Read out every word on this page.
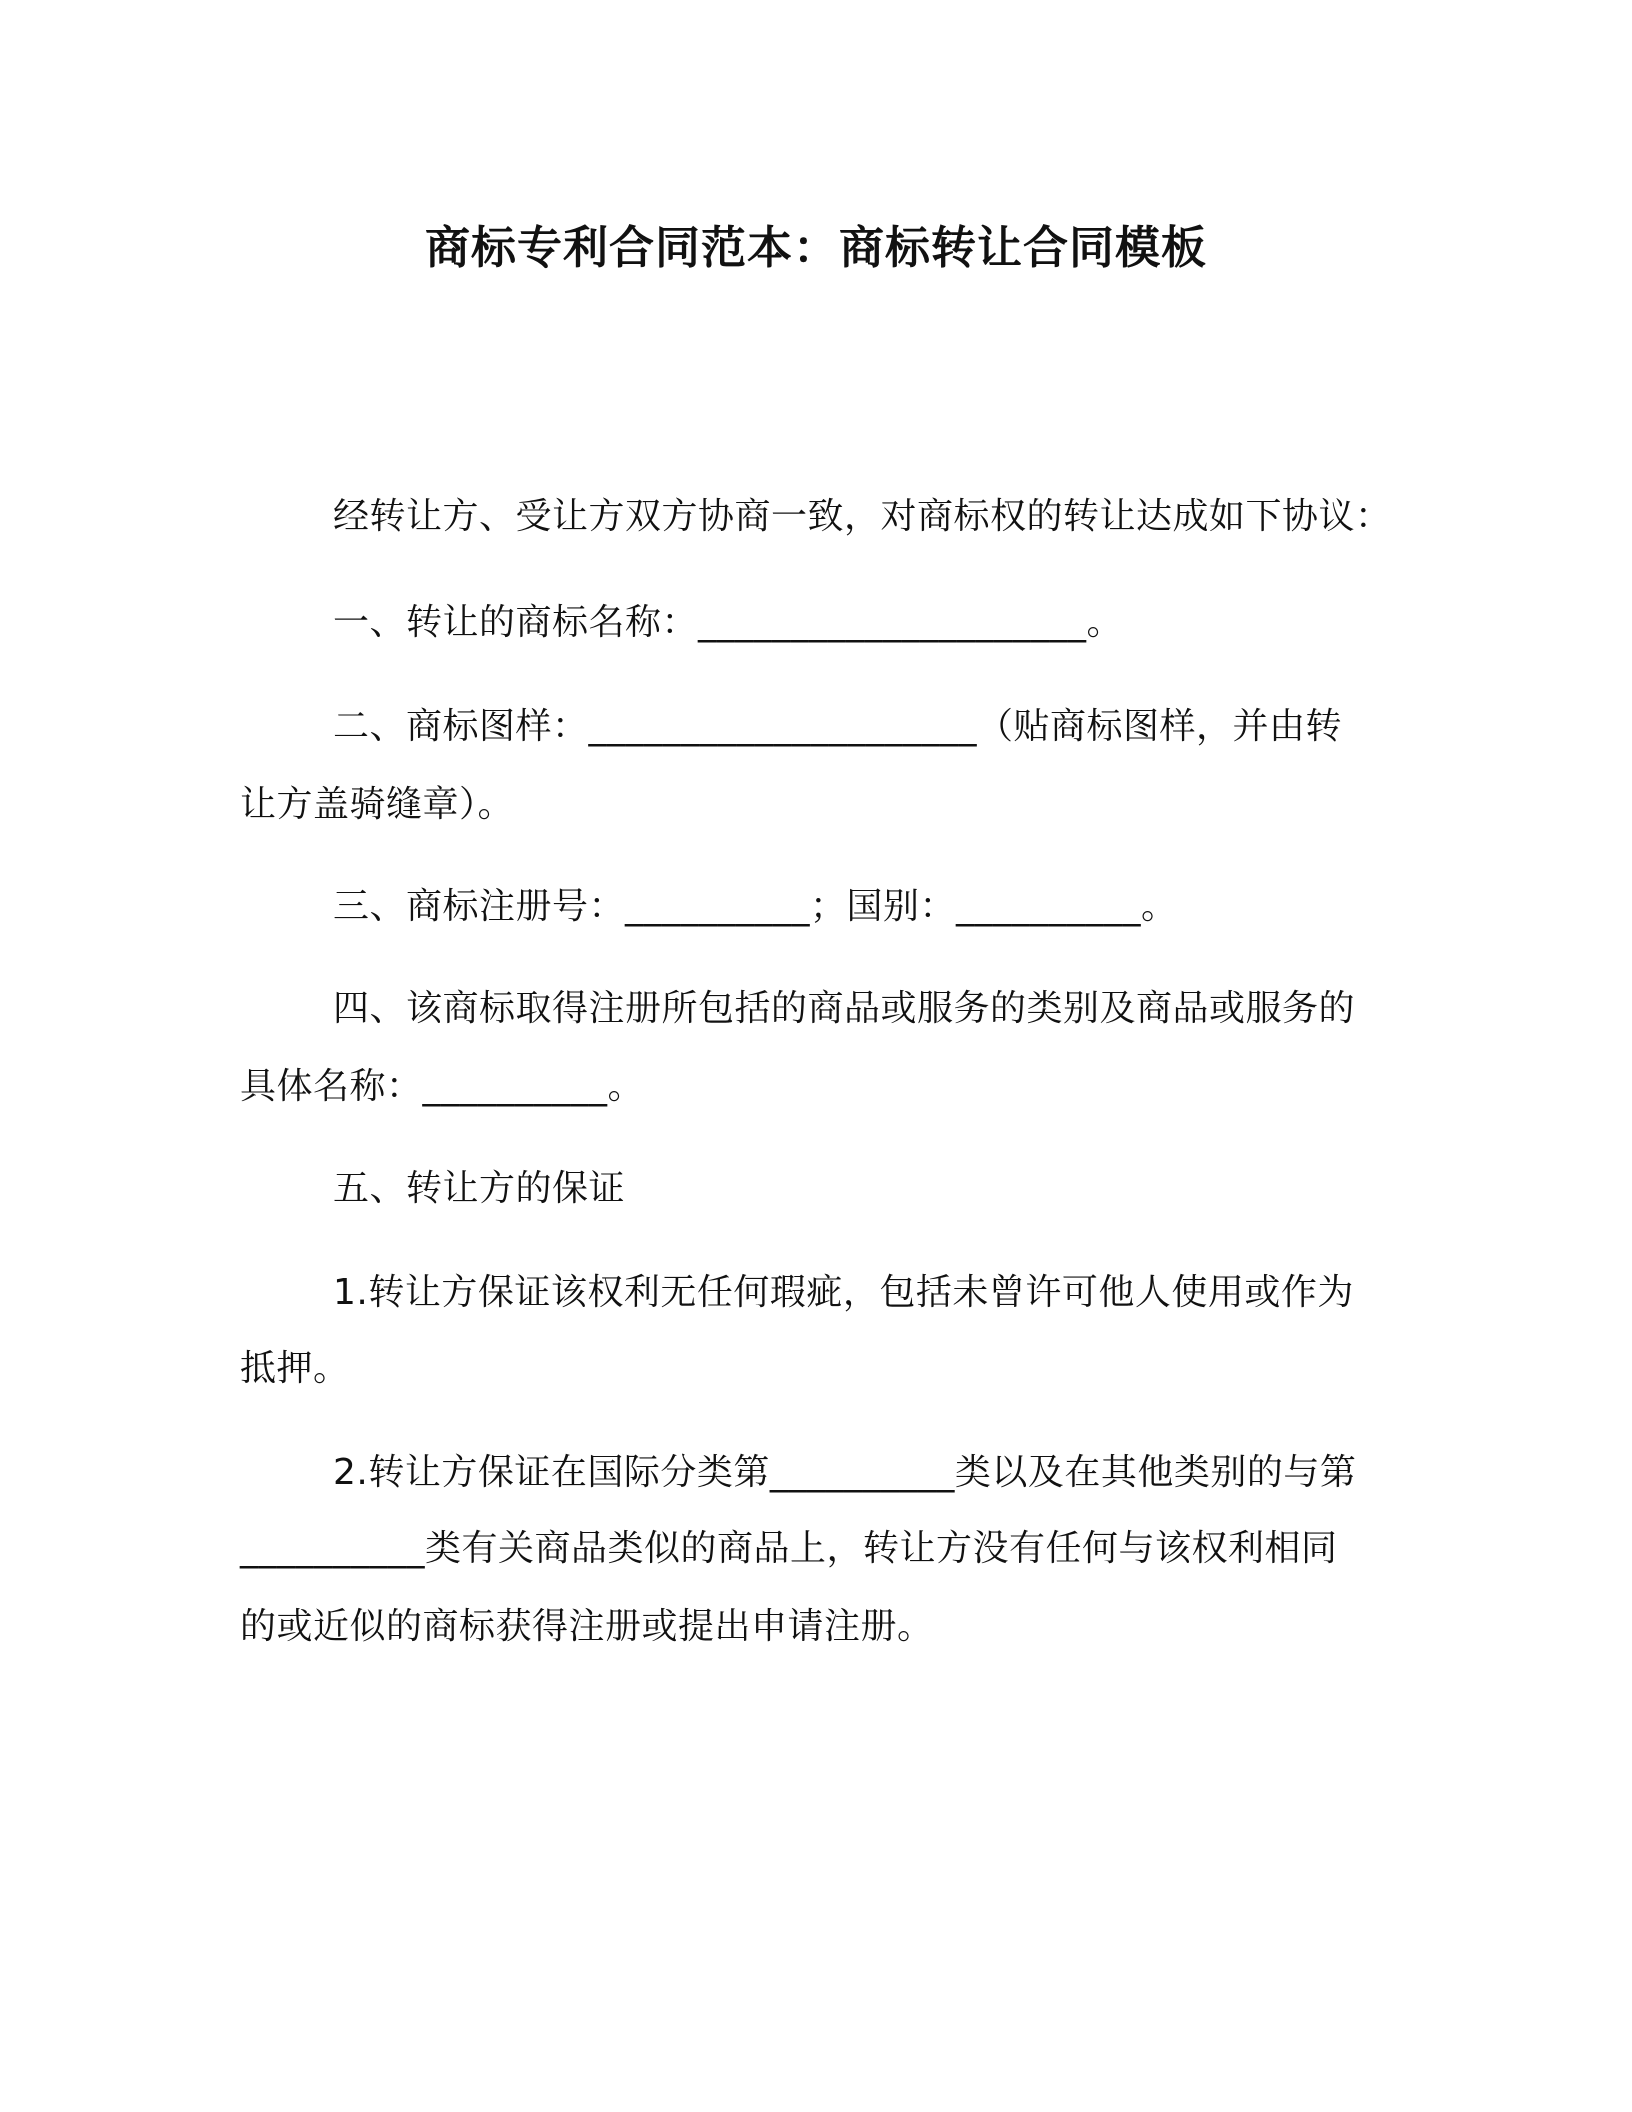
商标专利合同范本：商标转让合同模板
经转让方、受让方双方协商一致，对商标权的转让达成如下协议：
一、转让的商标名称：_____________________。
二、商标图样：_____________________（贴商标图样，并由转
让方盖骑缝章）。
三、商标注册号：__________；国别：__________。
四、该商标取得注册所包括的商品或服务的类别及商品或服务的
具体名称：__________。
五、转让方的保证
1.转让方保证该权利无任何瑕疵，包括未曾许可他人使用或作为
抵押。
2.转让方保证在国际分类第__________类以及在其他类别的与第
__________类有关商品类似的商品上，转让方没有任何与该权利相同
的或近似的商标获得注册或提出申请注册。
